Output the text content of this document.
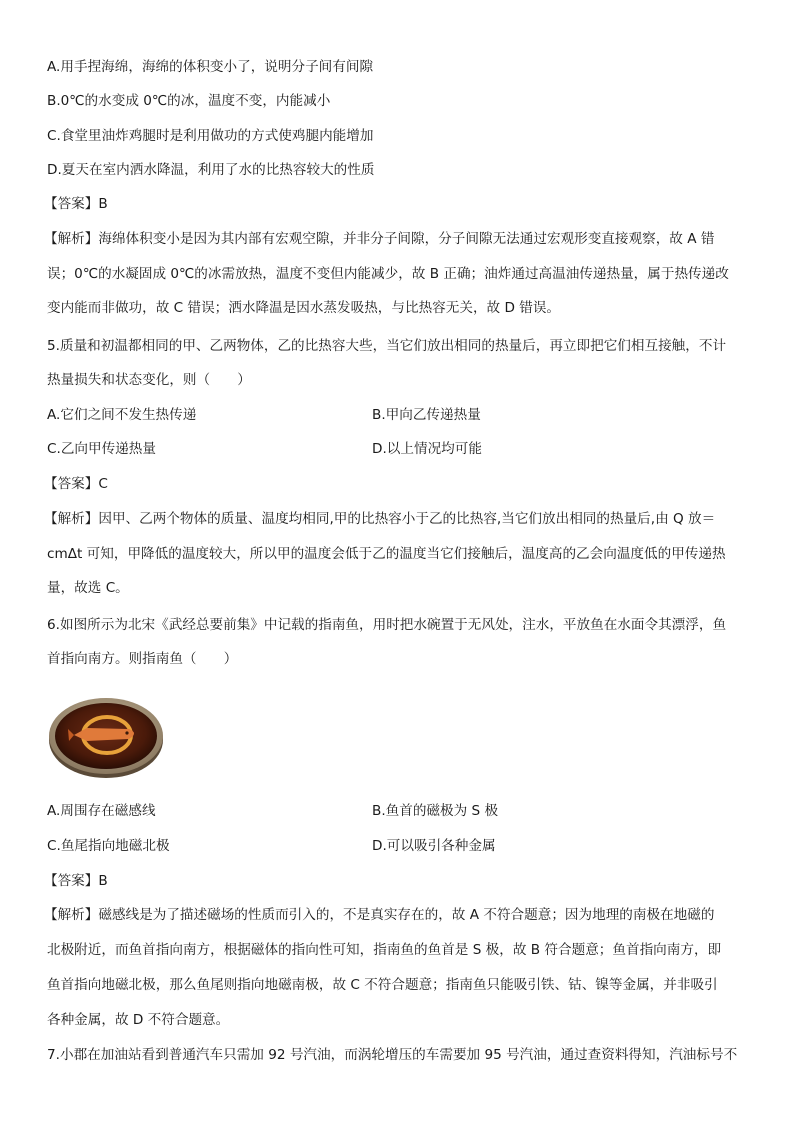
A.用手捏海绵，海绵的体积变小了，说明分子间有间隙
B.0℃的水变成 0℃的冰，温度不变，内能减小
C.食堂里油炸鸡腿时是利用做功的方式使鸡腿内能增加
D.夏天在室内洒水降温，利用了水的比热容较大的性质
【答案】B
【解析】海绵体积变小是因为其内部有宏观空隙，并非分子间隙，分子间隙无法通过宏观形变直接观察，故 A 错
误；0℃的水凝固成 0℃的冰需放热，温度不变但内能减少，故 B 正确；油炸通过高温油传递热量，属于热传递改
变内能而非做功，故 C 错误；洒水降温是因水蒸发吸热，与比热容无关，故 D 错误。
5.质量和初温都相同的甲、乙两物体，乙的比热容大些，当它们放出相同的热量后，再立即把它们相互接触，不计
热量损失和状态变化，则（　　）
A.它们之间不发生热传递	B.甲向乙传递热量
C.乙向甲传递热量	D.以上情况均可能
【答案】C
【解析】因甲、乙两个物体的质量、温度均相同,甲的比热容小于乙的比热容,当它们放出相同的热量后,由 Q 放＝
cmΔt 可知，甲降低的温度较大，所以甲的温度会低于乙的温度当它们接触后，温度高的乙会向温度低的甲传递热
量，故选 C。
6.如图所示为北宋《武经总要前集》中记载的指南鱼，用时把水碗置于无风处，注水，平放鱼在水面令其漂浮，鱼
首指向南方。则指南鱼（　　）
A.周围存在磁感线	B.鱼首的磁极为 S 极
C.鱼尾指向地磁北极	D.可以吸引各种金属
【答案】B
【解析】磁感线是为了描述磁场的性质而引入的，不是真实存在的，故 A 不符合题意；因为地理的南极在地磁的
北极附近，而鱼首指向南方，根据磁体的指向性可知，指南鱼的鱼首是 S 极，故 B 符合题意；鱼首指向南方，即
鱼首指向地磁北极，那么鱼尾则指向地磁南极，故 C 不符合题意；指南鱼只能吸引铁、钴、镍等金属，并非吸引
各种金属，故 D 不符合题意。
7.小郡在加油站看到普通汽车只需加 92 号汽油，而涡轮增压的车需要加 95 号汽油，通过查资料得知，汽油标号不
